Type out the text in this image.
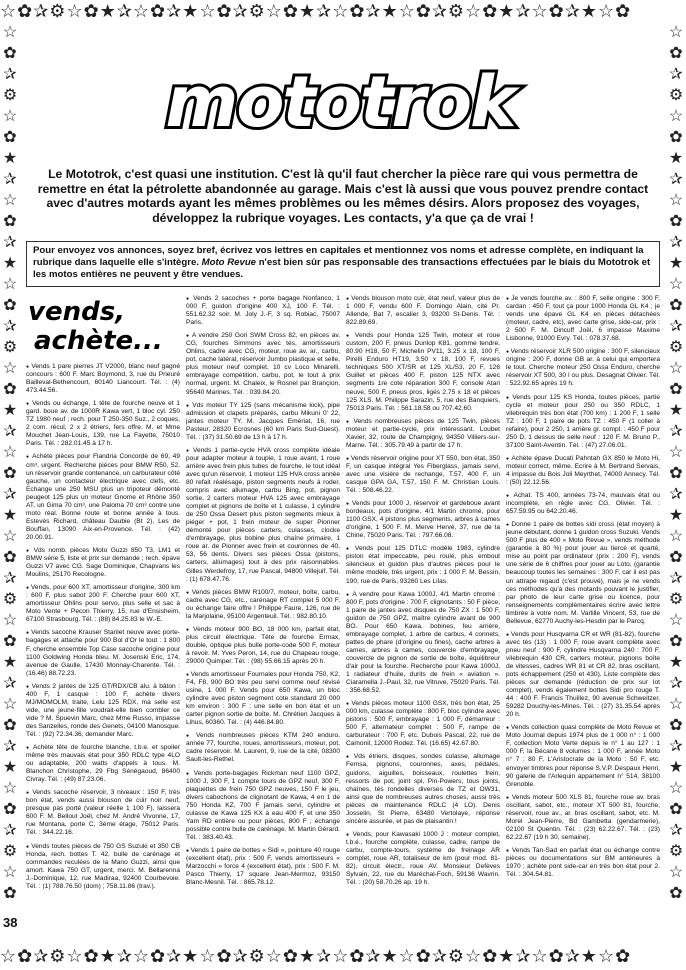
☆✿✰⚙☆✿★✰☆✿✰★☆✿✰⚙☆✿★✰☆✿✰★☆✿✰⚙☆✿★✰☆✿✰★☆✿
☆✿✰⚙☆✿★✰☆✿✰★☆✿✰⚙☆✿★✰☆✿✰★☆✿✰⚙☆✿★✰☆✿✰★☆✿✰⚙☆✿
☆✿✰⚙☆✿★✰☆✿✰★☆✿✰⚙☆✿★✰☆✿✰★☆✿✰⚙☆✿★✰☆✿✰★☆✿✰⚙☆✿
☆✿✰⚙☆✿★✰☆✿✰★☆✿✰⚙☆✿★✰☆✿✰★☆✿✰⚙☆✿★✰☆✿✰★☆✿
mototrok

Le Mototrok, c'est quasi une institution. C'est là qu'il faut chercher la pièce rare qui vous permettra de remettre en état la pétrolette abandonnée au garage. Mais c'est là aussi que vous pouvez prendre contact avec d'autres motards ayant les mêmes problèmes ou les mêmes désirs. Alors proposez des voyages, développez la rubrique voyages. Les contacts, y'a que ça de vrai !

Pour envoyez vos annonces, soyez bref, écrivez vos lettres en capitales et mentionnez vos noms et adresse complète, en indiquant la rubrique dans laquelle elle s'intègre. Moto Revue n'est bien sûr pas responsable des transactions effectuées par le biais du Mototrok et les motos entières ne peuvent y être vendues.
vends,
achète...

● Vends 1 pare pierres JT V2000, blanc neuf gagné concours : 600 F. Marc Boymond, 3, rue du Prieuré Bailleval-Bethencourt, 60140 Liancourt. Tél. : (4) 473.44.56.

● Vends ou échange, 1 tête de fourche neuve et 1 gard. boue av. de 1000R Kawa vert, 1 bloc cyl. 250 TZ 1980 neuf ; rech. pour T 250-350 Suz., 2 coques, 2 com. récul, 2 x 2 étriers, fers offre. M. et Mme Mouchet Jean-Louis, 139, rue La Fayette, 75010 Paris. Tél. : 282.01.45 à 17 h.

● Achète pièces pour Flandria Concorde de 69, 49 cm³, urgent. Recherche pièces pour BMW R50, 52, un réservoir grande contenance, un carburateur côté gauche, un contacteur électrique avec clefs, etc. Echange une 250 MSU plus un tripoteur démonté peugeot 125 plus un moteur Gnome et Rhône 350 AT, un Gima 70 cm³, une Paloma 70 cm³ contre une moto réal. Bonne route et bonne année à tous. Estevès Richard, château Daubie (Bt 2), Les de Bouffan, 13090 Aix-en-Provence. Tél. : (42) 20.00.91.

● Vds nomb. pièces Moto Guzzi 850 T3, LM1 et BMW série 5, liste et prix sur demande ; rech. épave Guzzi V7 avec CG. Sage Dominique, Chapvans les Moulins, 25170 Recologne.

● Vends, pour 600 XT, amortisseur d'origine, 300 km : 600 F, plus sabot 200 F. Cherche pour 600 XT, amortisseur Ohlins pour servo, plus selle et sac à Moto Vente + Pecon Thierry, 15, rue d'Ensisheim, 67100 Strasbourg. Tél. : (88) 84.25.83 le W.-E.

● Vends sacoche Krauser Stanlet neuve avec porte-bagages et attache pour 900 Bol d'Or le tout : 1 800 F, cherche ensemble Top Case sacoche origine pour 1100 Goldwing Honda bleu. M. Josenski Eric, 174, avenue de Gaulle, 17430 Monnay-Charente. Tél. : (16.46) 88.72.23.

● Vends 2 jantes de 125 GT/RDX/CB alu. à bâton : 400 F, 1 casque : 100 F, achète divers MJ/MOMOLM, traite, Lelu 125 RDX, ma selle est vide, une jeune-fille voudrait-elle bien combler ce vide ? M. Spuevin Marc, chez Mme Russo, impasse des Sanzelles, ronde des Genets, 04100 Manosque. Tél. : (92) 72.34.36, demander Marc.

● Achète tête de fourche blanche, t.b.e. et spoiler même très mauvais état pour 350 RDLC type 4LO ou adaptable, 200 watts d'appels à tous. M. Blanchon Christophe, 29 Fbg Sénégaoud, 86400 Civray. Tél. : (49) 87.23.06.

● Vends sacoche réservoir, 3 niveaux : 150 F, très bon état, vends aussi blouson de cuir noir neuf, presque pas porté (valeur réelle 1 100 F), laissera 600 F. M. Belloul Joël, chez M. André Vivonne, 17, rue Montana, porte C, 3ème étage, 75012 Paris. Tél. : 344.22.16.

● Vends toutes pièces de 750 GS Suzuki et 350 CB Honda, rech. bottes T. 42, bulle de carénage et commandes reculées de la Mano Guzzi, ainsi que amort. Kawa 750 GT, urgent, merci. M. Bellarenna J.-Dominique, 12, rue Madiraa, 92400 Courbevoie. Tél. : (1) 788.76.50 (dom) ; 758.11.86 (trav.).

● Vends 2 sacoches + porte bagage Nonfanco, 1 000 F, guidon d'origine 400 XJ, 100 F. Tél. : 551.62.32 soir. M. Joly J.-F, 3 sq. Robiac, 75007 Paris.

● A vendre 250 Gori SWM Cross 82, en pièces av. CG, fourches Simmons avec tés, amortisseurs Ohlins, cadre avec CG, moteur, roue av. ar., carbu, pot, cache latéral, réservoir Jumbo plastique et selle, plus moteur neuf complet, 10 cv Loco Minarelli, embrayage compétition, carbu, pot, le tout à prix normal, urgent. M. Chaleix, le Rosnel par Brançion, 95640 Marines. Tél. : 039.84.20.

● Vds moteur TY 125 (sans mécanisme kick), pipe admission et clapets préparés, carbu Mikuni 0' 22, jantes moteur TY. M. Jacques Emériat, 16, rue Pasteur, 28320 Ecrosnes (60 km Paris Sud-Ouest). Tél. : (37) 31.50.69 de 13 h à 17 h.

● Vends 1 partie-cycle HVA cross complète idéale pour adapter moteur à toupie, 1 roue avant, 1 roue arrière avec frein plus tubes de fourche, le tout idéal avec qu'un réservoir, 1 moteur 125 HVA cross année 80 refait réalésage, piston segments neufs à roder, compris avec allumage, carbu Bing, pot, pignon sortie, 2 carters moteur HVA 125 avec embrayage complet et pignons de boîte et 1 culasse, 1 cylindre de 250 Ossa Desert plus piston segments mieux à piéger + pot, 1 frein moteur de super Pionner démonté pour pièces carters, culasses, clocke d'embrayage, plus bobine plus chaîne primaire, 1 roue ar. de Pionner avec frein et couronnes de 40, 53, 56 dents. Divers ses pièces Ossa (pistons, carters, allumages) tout à des prix raisonnables. Gilles Werdefroy, 17, rue Pascal, 94800 Villejuif. Tél. : (1) 678.47.76.

● Vends pièces BMW R100/7, moteur, boîte, carbu, cadre avec CG, etc., carénage RT complet 5 000 F, ou échange faire offre ! Philippe Faure, 126, rue de la Marjolaine, 95100 Argenteuil. Tél. : 982.80.10.

● Vends moteur 900 BO, 18 000 km, parfait état, plus circuit électrique. Tête de fourche Ermax, double, optique plus bulle porte-code 500 F, moteur à revoir. M. Yves Peron, 14, rue du Chapeau rouge, 29000 Quimper. Tél. : (98) 55.66.15 après 20 h.

● Vends amortisseur Fournales pour Honda 750, K2, F4, F8, 900 BO très peu servi comme neuf révisé usine, 1 000 F. Vends pour 650 Kawa, un bloc cylindre avec piston segment cote standard 20 000 km environ : 300 F ; une selle en bon état et un carter pignon sortie de boîte. M. Chrétien Jacques à Lihus, 60360. Tél. : (4) 446.84.80.

● Vends nombreuses pièces KTM 240 enduro, année 77, fourche, roues, amortisseurs, moteur, pot, cadre réservoir. M. Laurent, 9, rue de la cité, 08300 Sault-les-Rethel.

● Vends porte-bagages Rickman neuf 1100 GPZ, 1000 J, 300 F, 1 compte tours de GPZ neuf, 300 F, plaquettes de frein 750 GPZ neuves, 150 F le jeu, divers cabochons de clignotant de Kawa, 4 en 1 de 750 Honda KZ, 700 F jamais servi, cylindre et culasse de Kawa 125 KX à eau 400 F, et une 350 Yam RD entière ou pour pièces, 800 F ; échange possible contre bulle de carénage. M. Martin Gérard. Tél. : 383.40.43.

● Vends 1 paire de bottes « Sidi », pointure 40 rouge (excellent état), prix : 500 F, vends amortisseurs « Marzocchi » force 4 (excellent état), prix : 500 F. M. Pasco Thierry, 17 square Jean-Mermoz, 93150 Blanc-Mesnil. Tél. : 865.78.12.

● Vends blouson moto cuir, état neuf, valeur plus de 1 000 F, vendu 600 F. Domingo Alain, cité Pr. Allende, Bat 7, escalier 3, 93200 St-Denis. Tél. : 822.89.69.

● Vends pour Honda 125 Twin, moteur et roue custom, 200 F, pneus Dunlop K81, gomme tendre, 80.90 H18, 50 F, Michelin PV11, 3.25 x 18, 100 F, Pirelli Enduro HT19, 3.50 x 18, 100 F, revues techniques 500 XT/SR et 125 XL/S3, 20 F, 126 Guillet et pièces 400 F, piston 125 NTX avec segments 1re cote réparation 300 F, console Atari neuve, 500 F, pneus pros, ligés 2.75 x 18 et pièces 125 XLS. M. Philippe Sarazin, 5, rue des Banquiers, 75013 Paris. Tél. : 561.18.58 ou 707.42.60.

● Vends nombreuses pièces de 125 Twin, pièces moteur et partie-cycle, prix intéressant. Loubet Xavier, 32, route de Champigny, 94350 Villiers-sur-Marne. Tél. : 305.79.49 à partir de 17 h.

● Vends réservoir origine pour XT 550, bon état, 350 F, un casque intégral Yes Fiberglass, jamais servi, avec une visière de rechange, T.57, 400 F, un casque GPA GA, T.57, 150 F. M. Christian Louis. Tél. : 508.46.22.

● Vends pour 1000 J, réservoir et gardeboue avant bordeaux, pots d'origine, 4/1 Martin chromé, pour 1100 GSX, 4 pistons plus segments, arbres à cames d'origine, 1 500 F. M. Merve Hervé, 37, rue de la Chine, 75020 Paris. Tél. : 797.66.08.

● Vends pour 125 DTLC modèle 1983, cylindre piston état impeccable, peu roulé, plus embout silencieux et guidon plus d'autres pièces pour le même modèle, très urgent, prix : 1 000 F. M. Bessin, 190, rue de Paris, 93260 Les Lilas.

● A vendre pour Kawa 1000J, 4/1 Martin chromé : 800 F, pots d'origine : 700 F, clignotants : 50 F pièce, 1 paire de jantes avec disques de 750 ZX : 1 500 F, guidon de 750 GPZ, maître cylindre avant de 900 BO. Pour 650 Kawa, bobines, feu arrière, embrayage complet, 1 arbre de carbus, 4 connets, pattes de phare (d'origine ou fines), cache arbres à cames, arbres à cames, couvercle d'embrayage, couvercle de pignon de sortie de boîte, équilibreur d'air pour la fourche. Recherche pour Kawa 1000J, 1 radiateur d'huile, durits de frein « aviation ». Ciaramella J.-Paul, 32, rue Vitruve, 75020 Paris. Tél. : 356.68.52.

● Vends pièces moteur 1100 GSX, très bon état, 25 000 km, culasse complète : 800 F, bloc cylindre avec pistons : 500 F, embrayage : 1 000 F, démarreur : 500 F, alternateur complet : 500 F, rampe de carburateur : 700 F, etc. Dubois Pascal, 22, rue de Camonil, 12000 Rodez. Tél. (16.65) 42.67.80.

● Vds étriers, disques, sondes culasse, allumage Femsa, pignons, couronnes, axes, pédales, guidons, aiguilles, boisseaux, roulettes frein, ressorts de pot, joint spi, Pin-Powers, tous joints, chaînes, tés rondelles diverses de TZ et OW31, ainsi que de nombreuses autres choses, aussi très pièces de maintenance RDLC (4 LO). Denis Josselin, St Pierre, 63480 Vertolaye, réponse sincère assurée, et pas de plaisantin !

● Vends, pour Kawasaki 1000 J : moteur complet, t.b.é., fourche complète, culasse, cadre, rampe de carbu, compte-tours, système de freinage AR complet, roue AR, totaliseur de km (pour mod. 81-82), circuit électr., roue AV. Monsieur Defèves Sylvain, 22, rue du Maréchal-Foch, 59136 Wavrin. Tél. : (20) 58.70.26 ap. 19 h.

● Je vends fourche av. : 800 F, selle origine : 300 F, cardan : 450 F, tout ça pour 1000 Honda GL K4 ; je vends une épave GL K4 en pièces détachées (moteur, cadre, etc), avec carte grise, side-car, prix : 2 500 F. M. Dincuff Joël, 6 impasse Maxime Lisbonne, 91000 Evry. Tél. : 078.37.68.

● Vends réservoir XLR 500 origine : 300 F, silencieux origine : 200 F, donne GB ar. à celui qui emportera le tout. Cherche moteur 250 Ossa Enduro, cherche réservoir XT 500, 30 l ou plus. Desagnat Olivier. Tél. : 522.92.65 après 19 h.

● Vends pour 125 KS Honda, toutes pièces, partie cycle et moteur pour 250 ou 350 RDLC, 1 vilebrequin très bon état (700 km) : 1 200 F, 1 selle TZ : 100 F, 1 paire de pots TZ : 450 F (1 coller à refaire), pour 2 250, 1 arrière gr. compl. : 450 F pour 250 D, 1 dessus de selle neuf : 120 F. M. Bruno P., 37100 Saint-Aventin. Tél. : (47) 27.06.01.

● Achète épave Ducati Pahntah GX 850 le Moto Hi, moteur correct, même. Ecrire à M. Bertrand Servais, 4 impasse du Bois Joli Meyrthet, 74000 Annecy. Tél. : (50) 22.12.56.

● Achat. TS 400, années 73-74, mauvais état ou incomplète, en règle avec CG. Olivier. Tél. : 657.59.95 ou 642.20.46.

● Donne 1 paire de bottes sidi cross (état moyen) à jeune débutant, donne 1 guidon cross Suzuki. Vends 500 F plus de 400 « Moto Revue », vends méthode (garantie à 80 %) pour jouer au tiercé et quarté, mise au point par ordinateur (prix : 200 F), vends une série de 6 chiffres pour jouer au Loto, (garantie beaucoup toutes les semaines : 300 F, car il est pas un attrape nigaud (c'est prouvé), mais je ne vends ces méthodes qu'à des motards pouvant le justifier, par photo de leur carte grise ou licence, pour renseignements complémentaires écrire avec lettre timbrée à votre nom. M. Varlille Vincent, 53, rue de Bellevue, 62770 Auchy-les-Hesdin par le Parcq.

● Vends pour Husqvarna CR et WR (81-82), fourche avec tés (13) : 1 000 F, roue avant complète avec pneu neuf : 900 F, cylindre Husqvarna 240 : 700 F, vilebrequin 430 CR, carters moteur, pignons boîte de vitesses, cadres WR 81 et CR 82, bras oscillant, pots échappement (250 et 430). Liste complète des pièces sur demande (réduction de prix sur lot complet), vends également bottes Sidi pro rouge T. 44 : 400 F. Francis Thuillez, 90 avenue Schweitzer, 59282 Douchy-les-Mines. Tél. : (27) 31.35.54 après 20 h.

● Vends collection quasi complète de Moto Revue et Moto Journal depuis 1974 plus de 1 000 n° : 1 000 F, collection Moto Verte depuis le n° 1 au 127 : 1 000 F, la Bécane 8 volumes : 1 000 F, année Moto n° 7 : 80 F, L'Aristocrate de la Moto : 50 F, etc. envoyer timbres pour réponse S.V.P. Despaux Henri, 90 galerie de l'Arlequin appartement n° 514, 38100 Grenoble.

● Vends moteur 500 XLS 81, fourche roue av. bras oscillant, sabot, etc., moteur XT 500 81, fourche, réservoir, roue av., ar. bras oscillant, sabot, etc. M. Morel Jean-Pierre, Bd Gambetta (gendarmerie), 02100 St Quentin. Tél. : (23) 62.22.67. Tél. : (23) 62.22.67 (19 h 30, semaine).

● Vends Tan-Sad en parfait état ou échange contre pièces ou documentations sur BM antérieures à 1970 ; achète pont side-car en très bon état pour 2. Tél. : 304.54.81.

38
